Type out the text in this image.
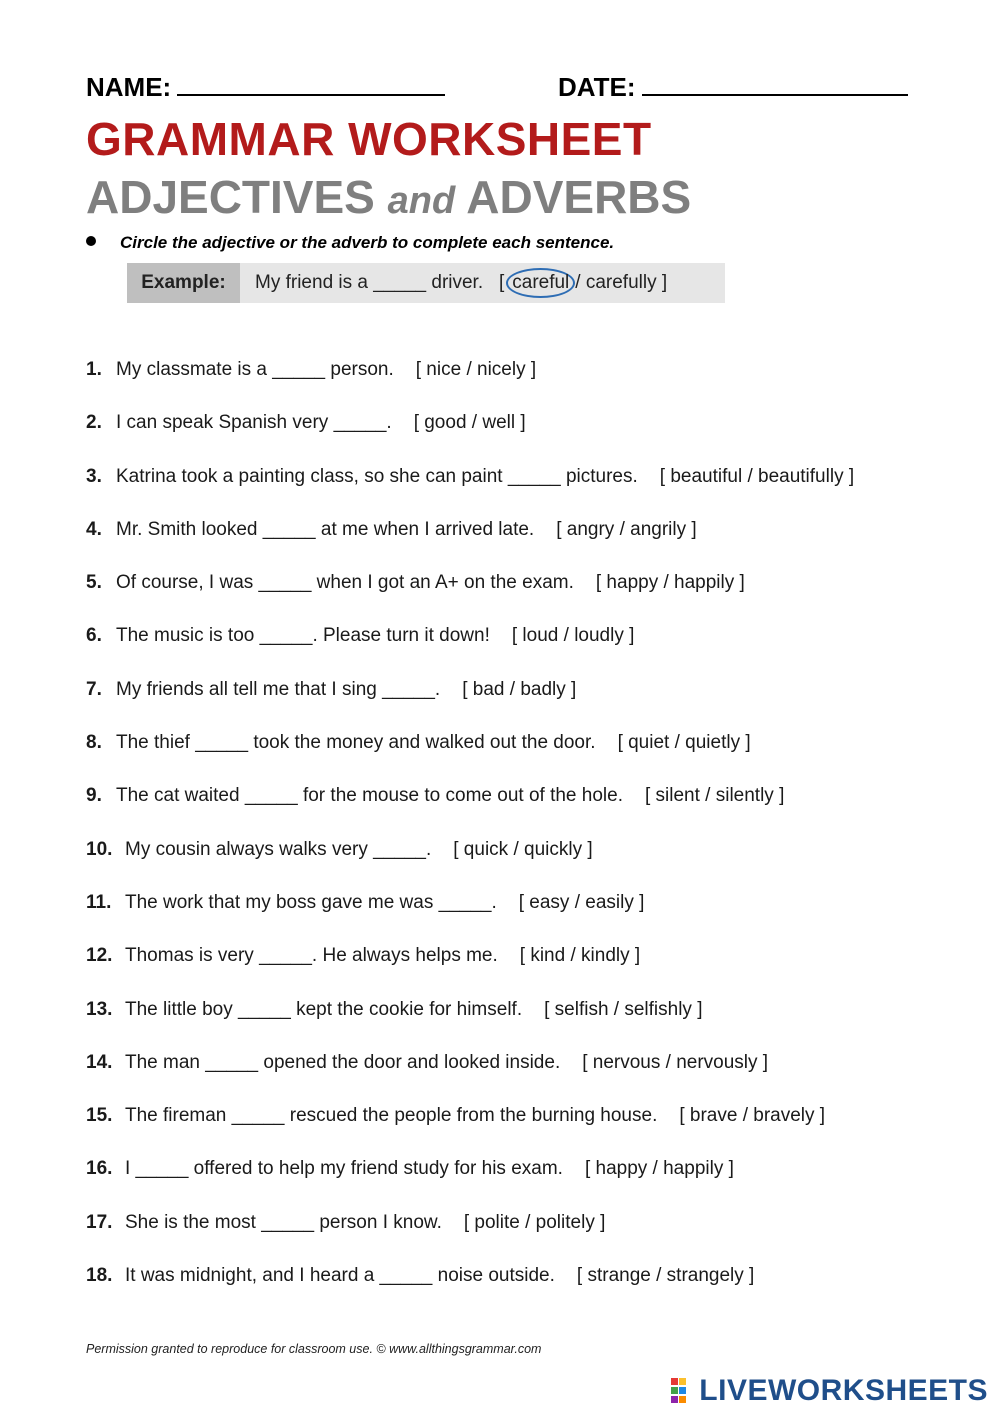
NAME:	DATE:
GRAMMAR WORKSHEET
ADJECTIVES and ADVERBS
Circle the adjective or the adverb to complete each sentence.
Example:	My friend is a _____ driver. [ careful / carefully ]
1. My classmate is a _____ person. [ nice / nicely ]
2. I can speak Spanish very _____. [ good / well ]
3. Katrina took a painting class, so she can paint _____ pictures. [ beautiful / beautifully ]
4. Mr. Smith looked _____ at me when I arrived late. [ angry / angrily ]
5. Of course, I was _____ when I got an A+ on the exam. [ happy / happily ]
6. The music is too _____. Please turn it down! [ loud / loudly ]
7. My friends all tell me that I sing _____. [ bad / badly ]
8. The thief _____ took the money and walked out the door. [ quiet / quietly ]
9. The cat waited _____ for the mouse to come out of the hole. [ silent / silently ]
10. My cousin always walks very _____. [ quick / quickly ]
11. The work that my boss gave me was _____. [ easy / easily ]
12. Thomas is very _____. He always helps me. [ kind / kindly ]
13. The little boy _____ kept the cookie for himself. [ selfish / selfishly ]
14. The man _____ opened the door and looked inside. [ nervous / nervously ]
15. The fireman _____ rescued the people from the burning house. [ brave / bravely ]
16. I _____ offered to help my friend study for his exam. [ happy / happily ]
17. She is the most _____ person I know. [ polite / politely ]
18. It was midnight, and I heard a _____ noise outside. [ strange / strangely ]
Permission granted to reproduce for classroom use. © www.allthingsgrammar.com
LIVEWORKSHEETS
